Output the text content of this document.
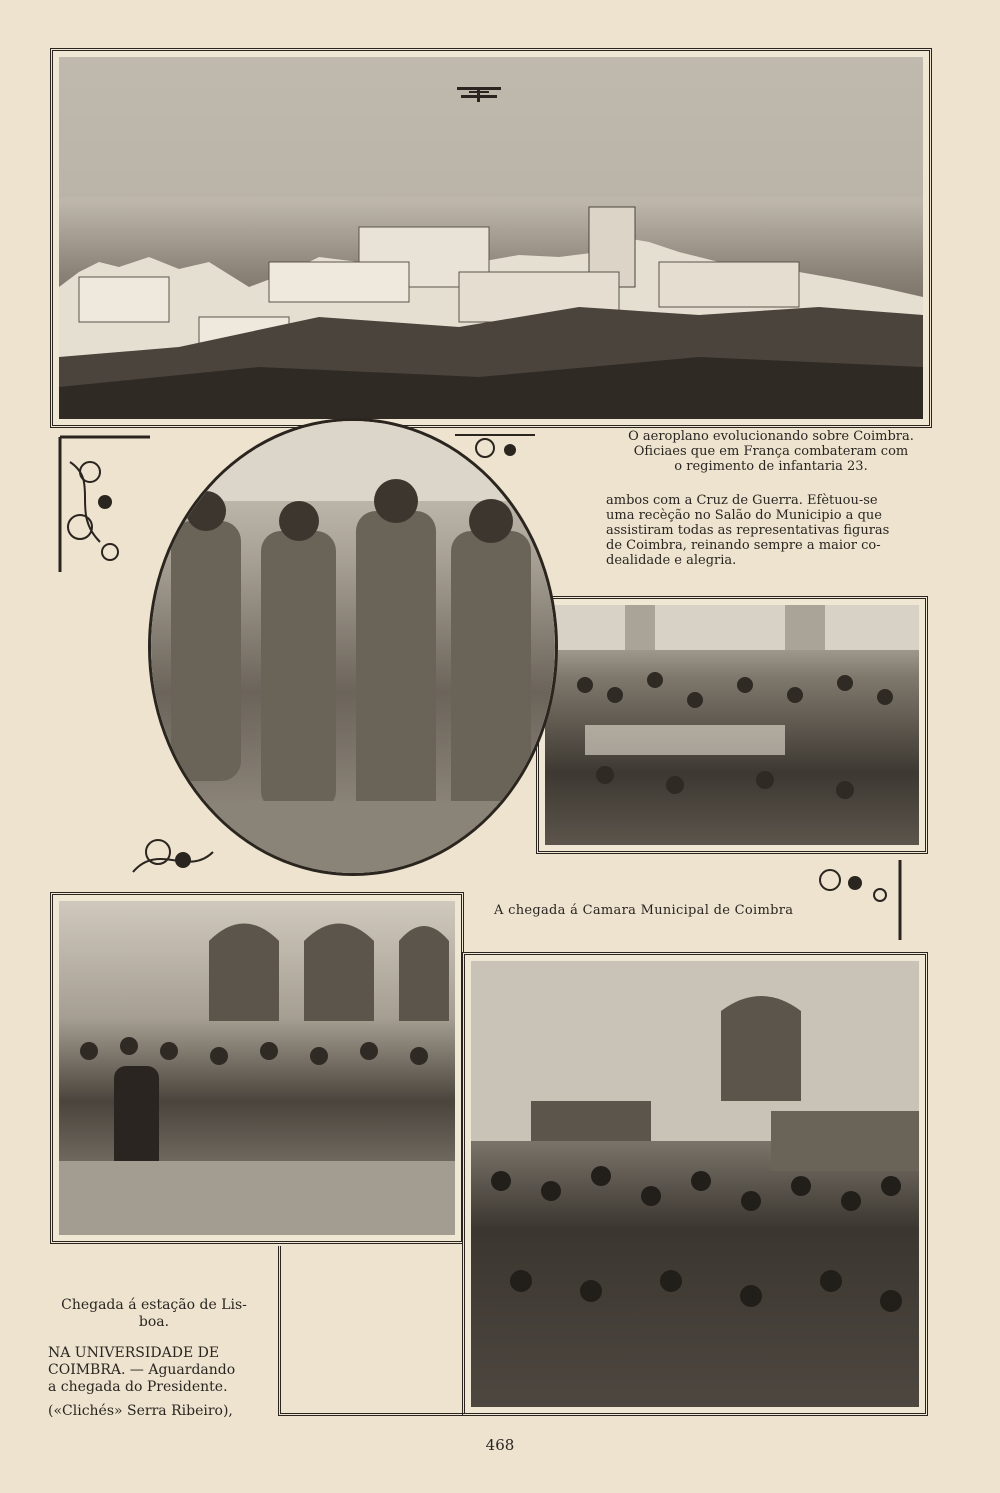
O aeroplano evolucionando sobre Coimbra.
Oficiaes que em França combateram com
o regimento de infantaria 23.
ambos com a Cruz de Guerra. Efètuou-se
uma recèção no Salão do Municipio a que
assistiram todas as representativas figuras
de Coimbra, reinando sempre a maior co-
dealidade e alegria.
A chegada á Camara Municipal de Coimbra
Chegada á estação de Lis-
boa.
NA UNIVERSIDADE DE
COIMBRA. — Aguardando
a chegada do Presidente.
(«Clichés» Serra Ribeiro),
468
